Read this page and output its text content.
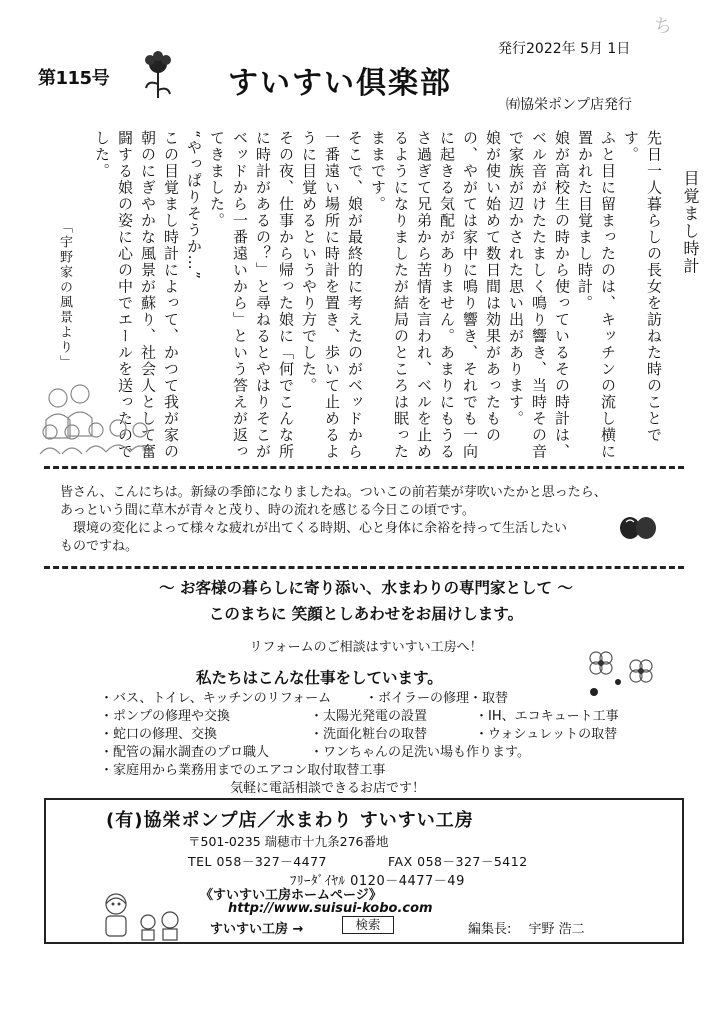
第115号	すいすい倶楽部
発行2022年 5月 1日
㈲協栄ポンプ店発行
ち

目覚まし時計

先日一人暮らしの長女を訪ねた時のことです。

ふと目に留まったのは、キッチンの流し横に置かれた目覚まし時計。

娘が高校生の時から使っているその時計は、ベル音がけたたましく鳴り響き、当時その音で家族が辺かされた思い出があります。

娘が使い始めて数日間は効果があったものの、やがては家中に鳴り響き、それでも一向に起きる気配がありません。あまりにもうるさ過ぎて兄弟から苦情を言われ、ベルを止めるようになりましたが結局のところは眠ったままです。

そこで、娘が最終的に考えたのがベッドから一番遠い場所に時計を置き、歩いて止めるように目覚めるというやり方でした。

その夜、仕事から帰った娘に「何でこんな所に時計があるの？」と尋ねるとやはりそこがベッドから一番遠いから」という答えが返ってきました。

“やっぱりそうか…”

この目覚まし時計によって、かつて我が家の朝のにぎやかな風景が蘇り、社会人として奮闘する娘の姿に心の中でエールを送ったのでした。

「宇野家の風景より」

皆さん、こんにちは。新緑の季節になりましたね。ついこの前若葉が芽吹いたかと思ったら、

あっという間に草木が青々と茂り、時の流れを感じる今日この頃です。

　環境の変化によって様々な疲れが出てくる時期、心と身体に余裕を持って生活したい

ものですね。

～ お客様の暮らしに寄り添い、水まわりの専門家として ～
このまちに 笑顔としあわせをお届けします。
リフォームのご相談はすいすい工房へ！
私たちはこんな仕事をしています。
・バス、トイレ、キッチンのリフォーム	・ボイラーの修理・取替
・ポンプの修理や交換	・太陽光発電の設置	・IH、エコキュート工事
・蛇口の修理、交換	・洗面化粧台の取替	・ウォシュレットの取替
・配管の漏水調査のプロ職人	・ワンちゃんの足洗い場も作ります。
・家庭用から業務用までのエアコン取付取替工事
気軽に電話相談できるお店です！
(有)協栄ポンプ店／水まわり すいすい工房
〒501-0235 瑞穂市十九条276番地
TEL 058－327－4477	FAX 058－327－5412
ﾌﾘｰﾀﾞｲﾔﾙ 0120－4477－49
《すいすい工房ホームページ》
http://www.suisui-kobo.com
すいすい工房 →	検索	編集長:　 宇野 浩二
